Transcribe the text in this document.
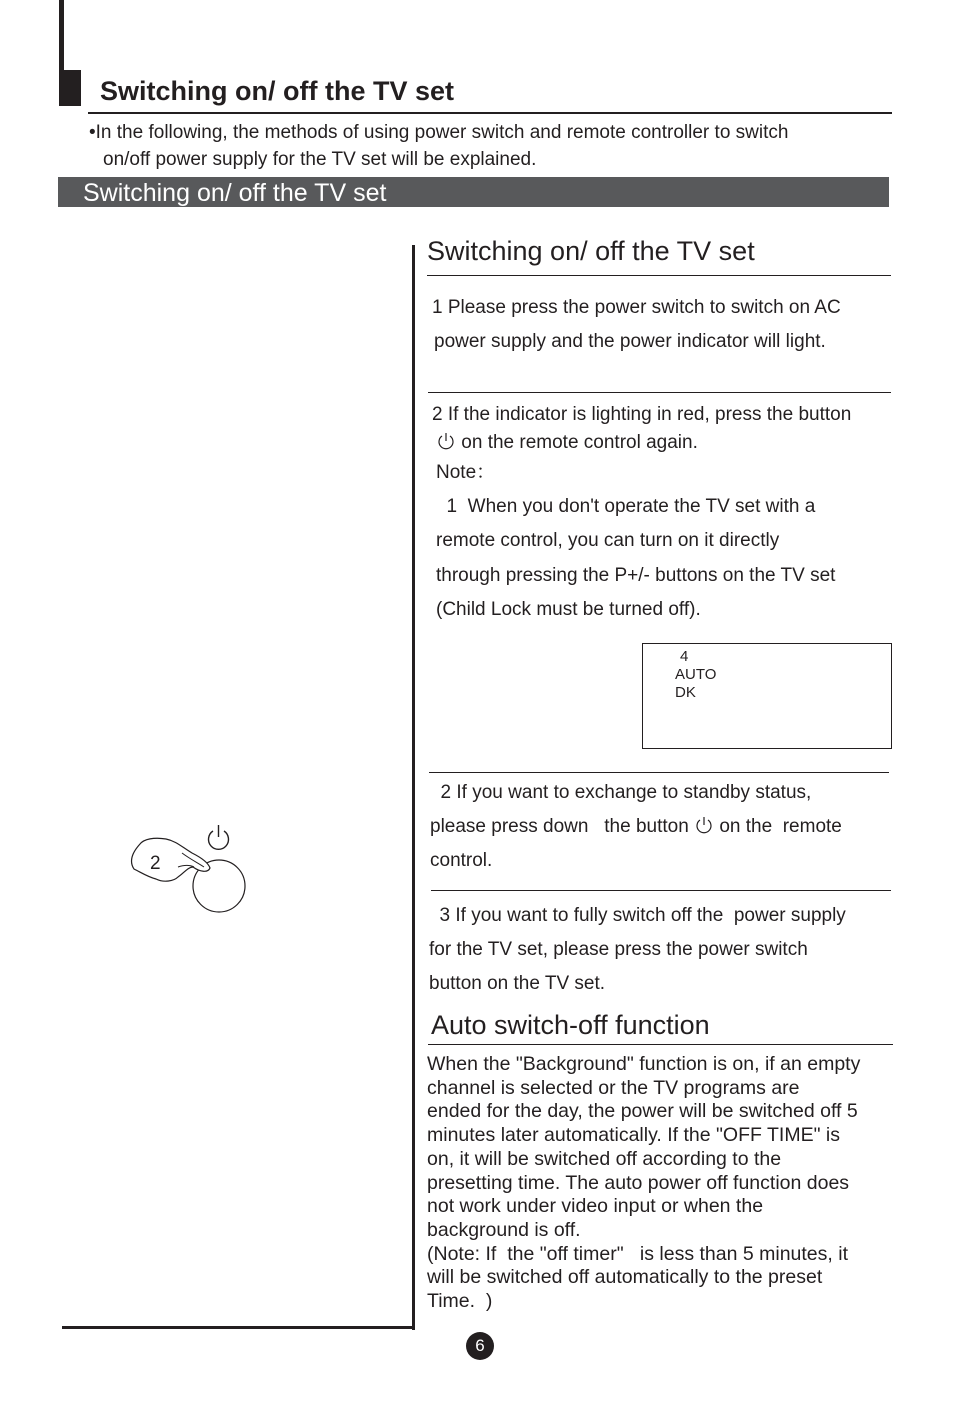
Switching on/ off the TV set
•In the following, the methods of using power switch and remote controller to switch
on/off power supply for the TV set will be explained.
Switching on/ off the TV set
2
Switching on/ off the TV set
1 Please press the power switch to switch on AC
power supply and the power indicator will light.
2 If the indicator is lighting in red, press the button
on the remote control again.
Note：
1  When you don't operate the TV set with a
remote control, you can turn on it directly
through pressing the P+/- buttons on the TV set
(Child Lock must be turned off).
4
AUTO
DK
2 If you want to exchange to standby status,
please press down   the button  on the  remote
control.
3 If you want to fully switch off the  power supply
for the TV set, please press the power switch
button on the TV set.
Auto switch-off function
When the "Background" function is on, if an empty
channel is selected or the TV programs are
ended for the day, the power will be switched off 5
minutes later automatically. If the "OFF TIME" is
on, it will be switched off according to the
presetting time. The auto power off function does
not work under video input or when the
background is off.
(Note: If  the "off timer"   is less than 5 minutes, it
will be switched off automatically to the preset
Time.  )
6
